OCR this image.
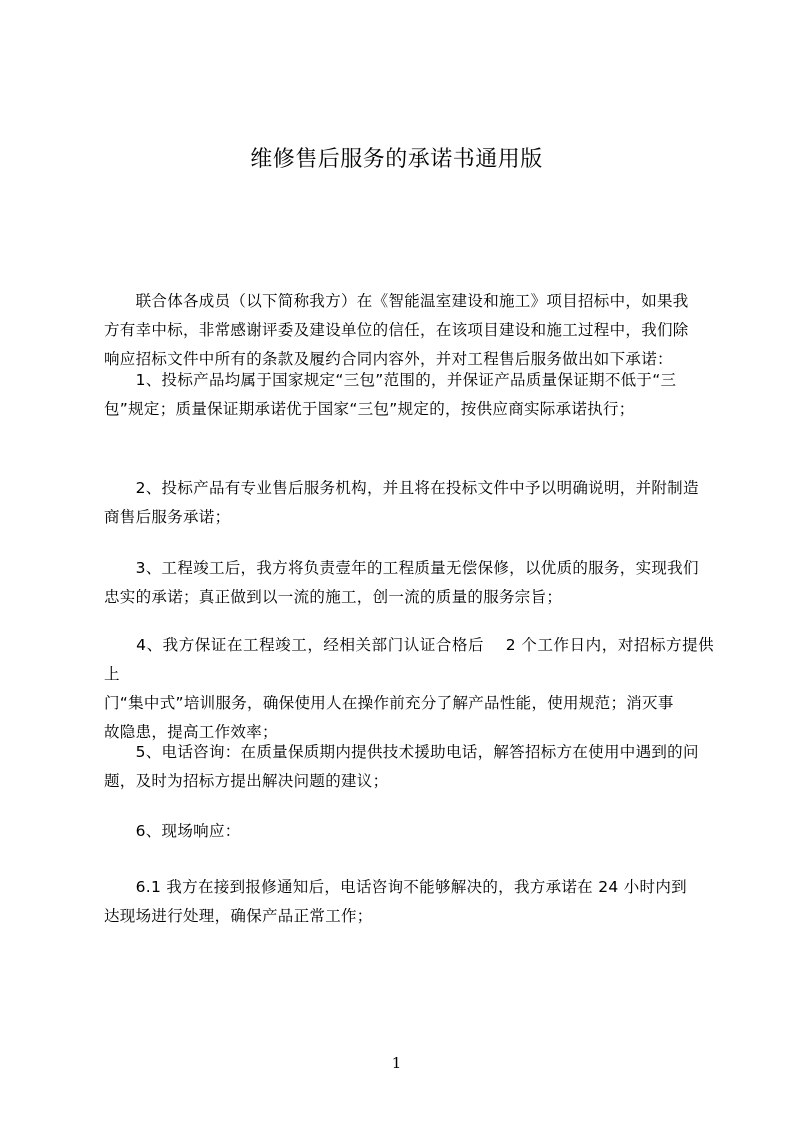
维修售后服务的承诺书通用版
　　联合体各成员（以下简称我方）在《智能温室建设和施工》项目招标中，如果我
方有幸中标，非常感谢评委及建设单位的信任，在该项目建设和施工过程中，我们除
响应招标文件中所有的条款及履约合同内容外，并对工程售后服务做出如下承诺：
　　1、投标产品均属于国家规定“三包”范围的，并保证产品质量保证期不低于“三
包”规定；质量保证期承诺优于国家“三包”规定的，按供应商实际承诺执行；
　　2、投标产品有专业售后服务机构，并且将在投标文件中予以明确说明，并附制造
商售后服务承诺；
　　3、工程竣工后，我方将负责壹年的工程质量无偿保修，以优质的服务，实现我们
忠实的承诺；真正做到以一流的施工，创一流的质量的服务宗旨；
　　4、我方保证在工程竣工，经相关部门认证合格后　 2 个工作日内，对招标方提供上
门“集中式”培训服务，确保使用人在操作前充分了解产品性能，使用规范；消灭事
故隐患，提高工作效率；
　　5、电话咨询：在质量保质期内提供技术援助电话，解答招标方在使用中遇到的问
题，及时为招标方提出解决问题的建议；
　　6、现场响应：
　　6.1 我方在接到报修通知后，电话咨询不能够解决的，我方承诺在 24 小时内到
达现场进行处理，确保产品正常工作；
1
